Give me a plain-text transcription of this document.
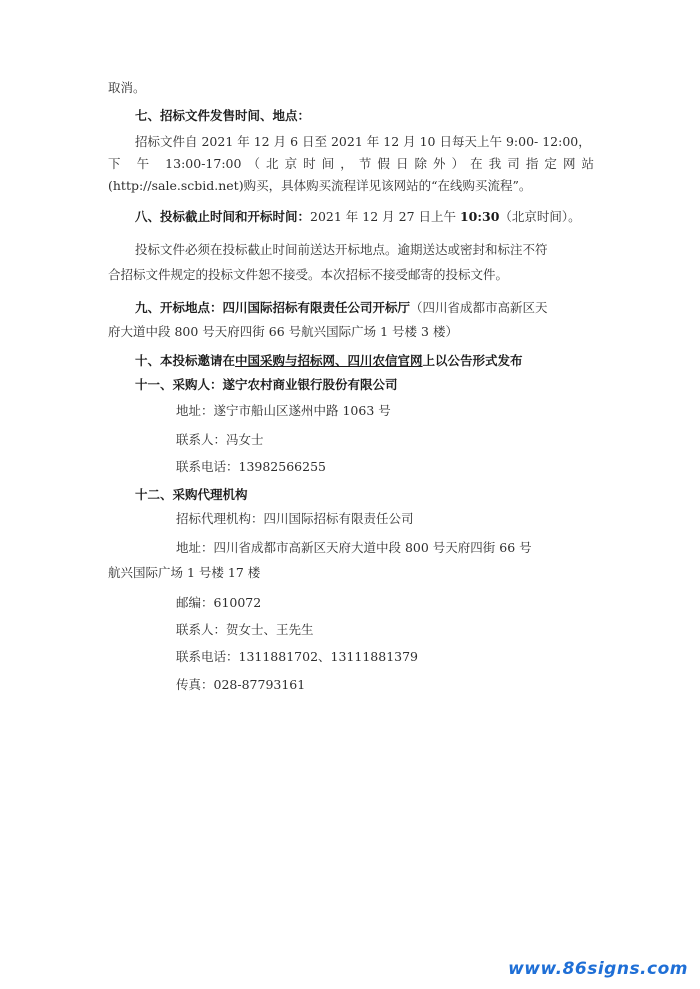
取消。
七、招标文件发售时间、地点：
招标文件自 2021 年 12 月 6 日至 2021 年 12 月 10 日每天上午 9:00- 12:00，
下 午 13:00-17:00（北京时间，节假日除外）在我司指定网站
(http://sale.scbid.net)购买，具体购买流程详见该网站的“在线购买流程”。
八、投标截止时间和开标时间：2021 年 12 月 27 日上午 10:30（北京时间）。
投标文件必须在投标截止时间前送达开标地点。逾期送达或密封和标注不符
合招标文件规定的投标文件恕不接受。本次招标不接受邮寄的投标文件。
九、开标地点：四川国际招标有限责任公司开标厅（四川省成都市高新区天
府大道中段 800 号天府四街 66 号航兴国际广场 1 号楼 3 楼）
十、本投标邀请在中国采购与招标网、四川农信官网上以公告形式发布
十一、采购人：遂宁农村商业银行股份有限公司
地址：遂宁市船山区遂州中路 1063 号
联系人：冯女士
联系电话：13982566255
十二、采购代理机构
招标代理机构：四川国际招标有限责任公司
地址：四川省成都市高新区天府大道中段 800 号天府四街 66 号
航兴国际广场 1 号楼 17 楼
邮编：610072
联系人：贺女士、王先生
联系电话：1311881702、13111881379
传真：028-87793161
www.86signs.com
